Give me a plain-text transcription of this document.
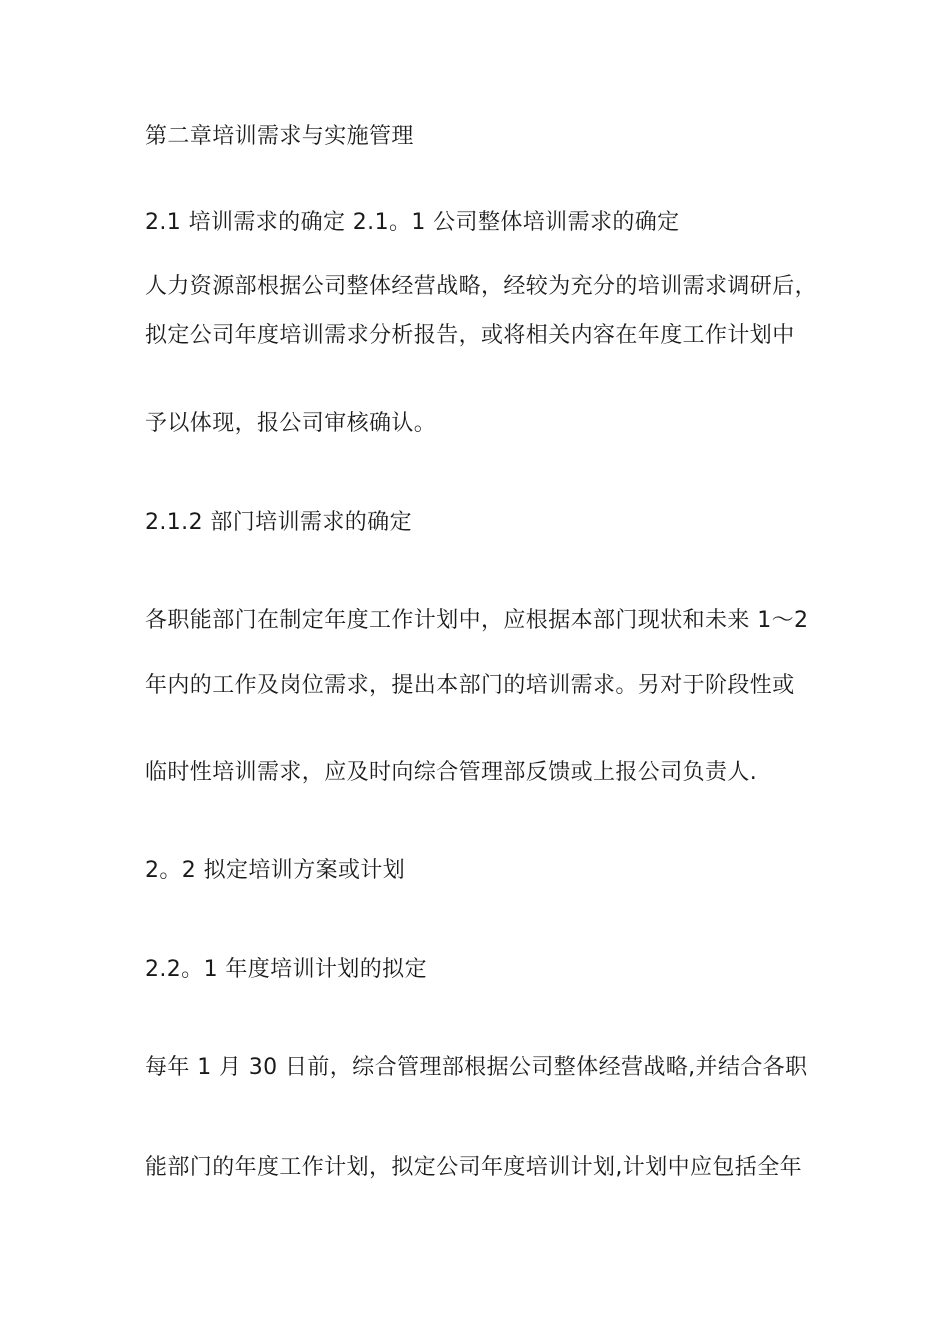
第二章培训需求与实施管理
2.1 培训需求的确定 2.1。1 公司整体培训需求的确定
人力资源部根据公司整体经营战略，经较为充分的培训需求调研后，
拟定公司年度培训需求分析报告，或将相关内容在年度工作计划中
予以体现，报公司审核确认。
2.1.2 部门培训需求的确定
各职能部门在制定年度工作计划中，应根据本部门现状和未来 1～2
年内的工作及岗位需求，提出本部门的培训需求。另对于阶段性或
临时性培训需求，应及时向综合管理部反馈或上报公司负责人.
2。2 拟定培训方案或计划
2.2。1 年度培训计划的拟定
每年 1 月 30 日前，综合管理部根据公司整体经营战略,并结合各职
能部门的年度工作计划，拟定公司年度培训计划,计划中应包括全年
